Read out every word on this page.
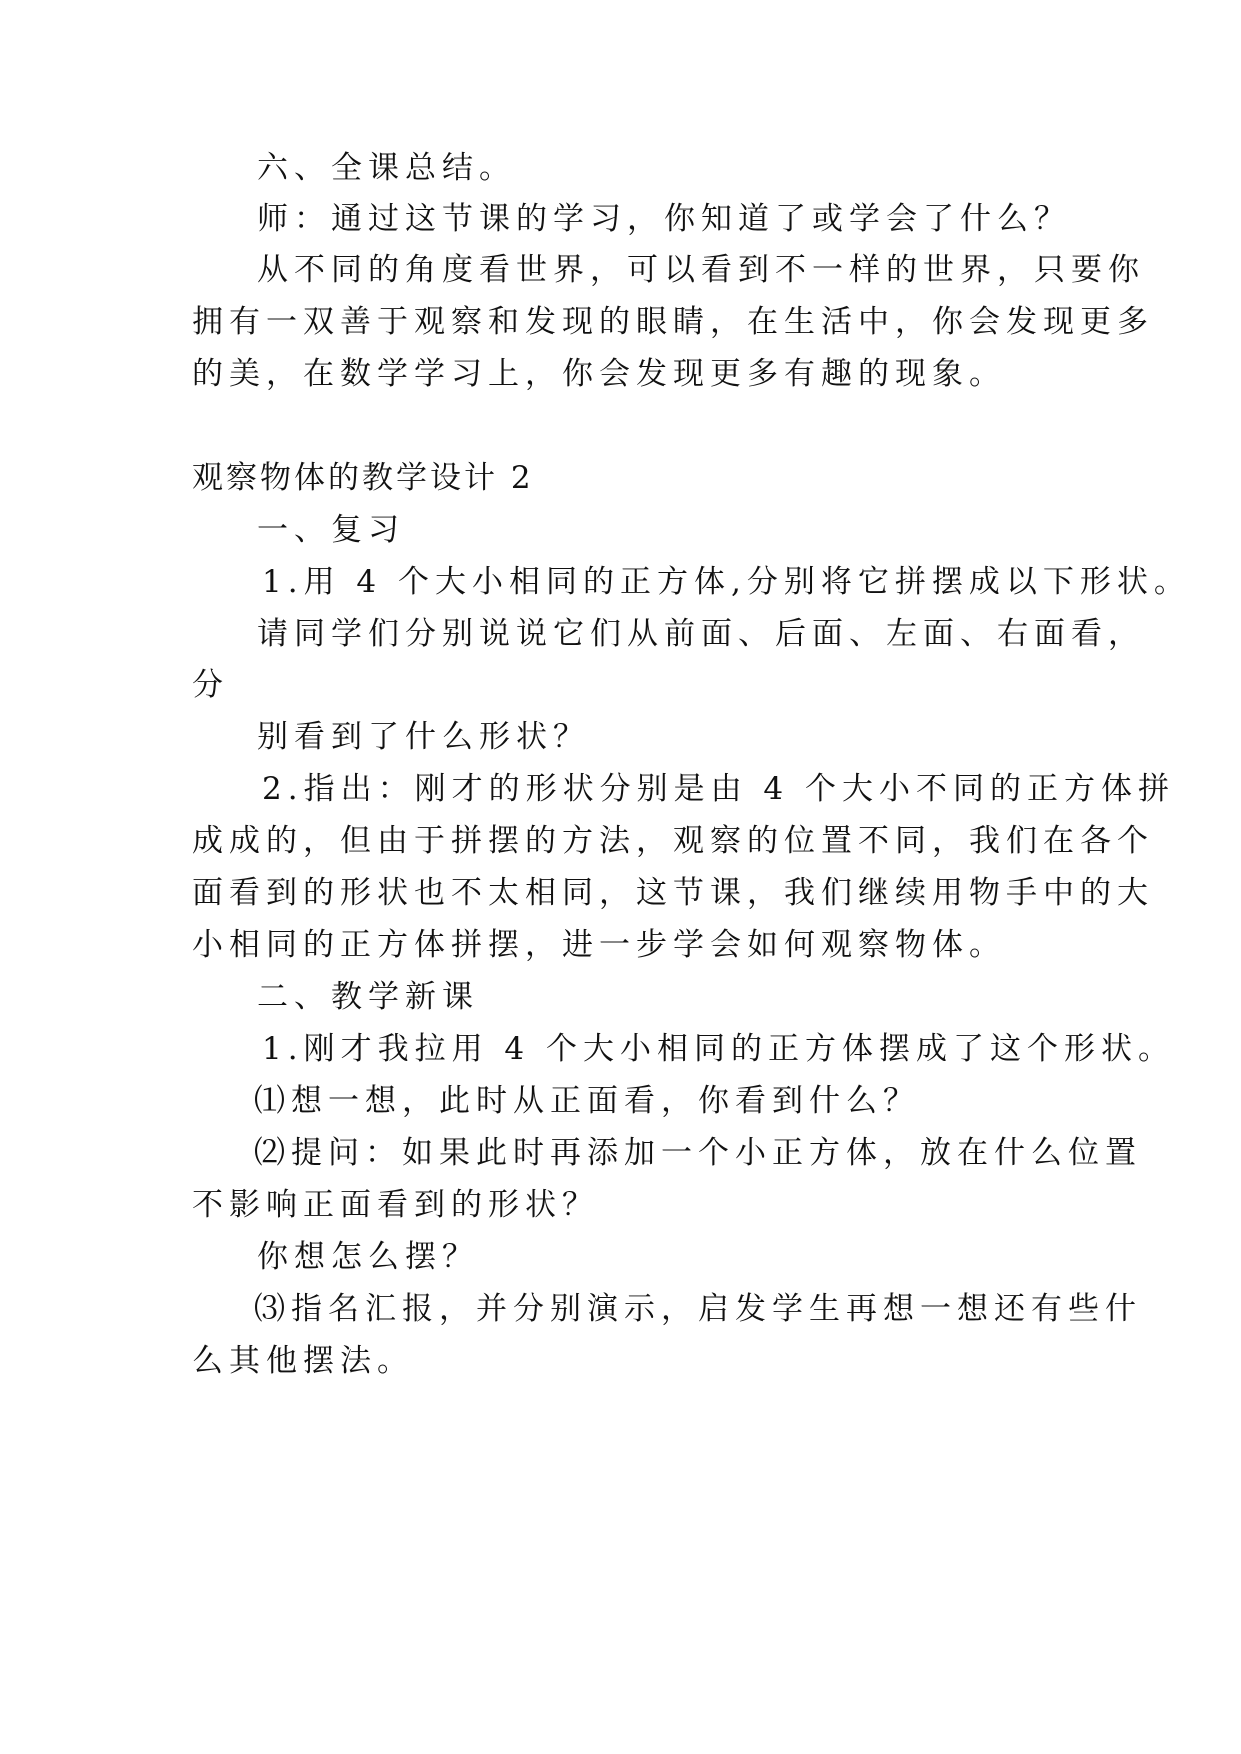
六、全课总结。
师：通过这节课的学习，你知道了或学会了什么？
从不同的角度看世界，可以看到不一样的世界，只要你
拥有一双善于观察和发现的眼睛，在生活中，你会发现更多
的美，在数学学习上，你会发现更多有趣的现象。
观察物体的教学设计 2
一、复习
1.用 4 个大小相同的正方体,分别将它拼摆成以下形状。
请同学们分别说说它们从前面、后面、左面、右面看，
分
别看到了什么形状？
2.指出：刚才的形状分别是由 4 个大小不同的正方体拼
成成的，但由于拼摆的方法，观察的位置不同，我们在各个
面看到的形状也不太相同，这节课，我们继续用物手中的大
小相同的正方体拼摆，进一步学会如何观察物体。
二、教学新课
1.刚才我拉用 4 个大小相同的正方体摆成了这个形状。
⑴想一想，此时从正面看，你看到什么？
⑵提问：如果此时再添加一个小正方体，放在什么位置
不影响正面看到的形状？
你想怎么摆？
⑶指名汇报，并分别演示，启发学生再想一想还有些什
么其他摆法。
